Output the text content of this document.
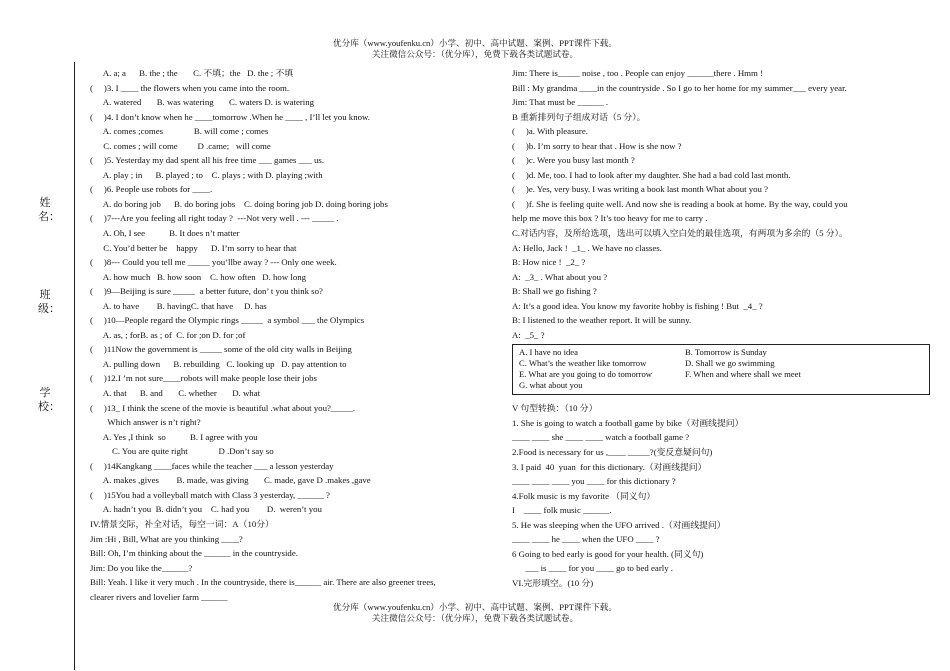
优分库（www.youfenku.cn）小学、初中、高中试题、案例、PPT课件下载。
关注微信公众号：（优分库），免费下载各类试题试卷。
姓名：
班级：
学校：
A. a; a      B. the ; the       C. 不填；the   D. the ; 不填
(     )3. I ____ the flowers when you came into the room.
A. watered       B. was watering       C. waters D. is watering
(     )4. I don’t know when he ____tomorrow .When he ____ , I’ll let you know.
A. comes ;comes              B. will come ; comes
C. comes ; will come         D .came;   will come
(     )5. Yesterday my dad spent all his free time ___ games ___ us.
A. play ; in      B. played ; to    C. plays ; with D. playing ;with
(     )6. People use robots for ____.
A. do boring job      B. do boring jobs    C. doing boring job D. doing boring jobs
(     )7---Are you feeling all right today ?  ---Not very well . --- _____ .
A. Oh, I see           B. It does n’t matter
C. You’d better be    happy      D. I’m sorry to hear that
(     )8--- Could you tell me _____ you’llbe away ? --- Only one week.
A. how much   B. how soon    C. how often   D. how long
(     )9—Beijing is sure _____  a better future, don’ t you think so?
A. to have        B. havingC. that have     D. has
(     )10—People regard the Olympic rings _____  a symbol ___ the Olympics
A. as, ; forB. as ; of  C. for ;on D. for ;of
(     )11Now the government is _____ some of the old city walls in Beijing
A. pulling down      B. rebuilding   C. looking up   D. pay attention to
(     )12.I ’m not sure____robots will make people lose their jobs
A. that      B. and       C. whether       D. what
(     )13_ I think the scene of the movie is beautiful .what about you?_____.
Which answer is n’t right?
A. Yes ,I think  so           B. I agree with you
C. You are quite right              D .Don’t say so
(     )14Kangkang ____faces while the teacher ___ a lesson yesterday
A. makes ,gives        B. made, was giving       C. made, gave D .makes ,gave
(     )15You had a volleyball match with Class 3 yesterday, ______ ?
A. hadn’t you  B. didn’t you    C. had you        D.  weren’t you
IV.情景交际，补全对话，每空一词：A（10分）
Jim :Hi , Bill, What are you thinking ____?
Bill: Oh, I’m thinking about the ______ in the countryside.
Jim: Do you like the______?
Bill: Yeah. I like it very much . In the countryside, there is______ air. There are also greener trees,
clearer rivers and lovelier farm ______
Jim: There is_____ noise , too . People can enjoy ______there . Hmm !
Bill : My grandma ____in the countryside . So I go to her home for my summer___ every year.
Jim: That must be ______ .
B 重新排列句子组成对话（5 分）。
(     )a. With pleasure.
(     )b. I’m sorry to hear that . How is she now ?
(     )c. Were you busy last month ?
(     )d. Me, too. I had to look after my daughter. She had a bad cold last month.
(     )e. Yes, very busy. I was writing a book last month What about you ?
(     )f. She is feeling quite well. And now she is reading a book at home. By the way, could you
help me move this box ? It’s too heavy for me to carry .
C.对话内容，及所给选项，选出可以填入空白处的最佳选项，有两项为多余的（5 分）。
A: Hello, Jack !  _1_ . We have no classes.
B: How nice !  _2_ ?
A:  _3_ . What about you ?
B: Shall we go fishing ?
A: It’s a good idea. You know my favorite hobby is fishing ! But  _4_ ?
B: I listened to the weather report. It will be sunny.
A:  _5_ ?
A. I have no idea	B. Tomorrow is Sunday
C. What’s the weather like tomorrow	D. Shall we go swimming
E. What are you going to do tomorrow	F. When and where shall we meet
G. what about you
V 句型转换：（10 分）
1. She is going to watch a football game by bike（对画线提问）
____ ____ she ____ ____ watch a football game ?
2.Food is necessary for us ,____ _____?(变反意疑问句)
3. I paid  40  yuan  for this dictionary.（对画线提问）
____ ____ ____ you ____ for this dictionary ?
4.Folk music is my favorite （同义句）
I    ____ folk music ______.
5. He was sleeping when the UFO arrived .（对画线提问）
____ ____ he ____ when the UFO ____ ?
6 Going to bed early is good for your health. (同义句)
___ is ____ for you ____ go to bed early .
VI.完形填空。(10 分)
优分库（www.youfenku.cn）小学、初中、高中试题、案例、PPT课件下载。
关注微信公众号：（优分库），免费下载各类试题试卷。
